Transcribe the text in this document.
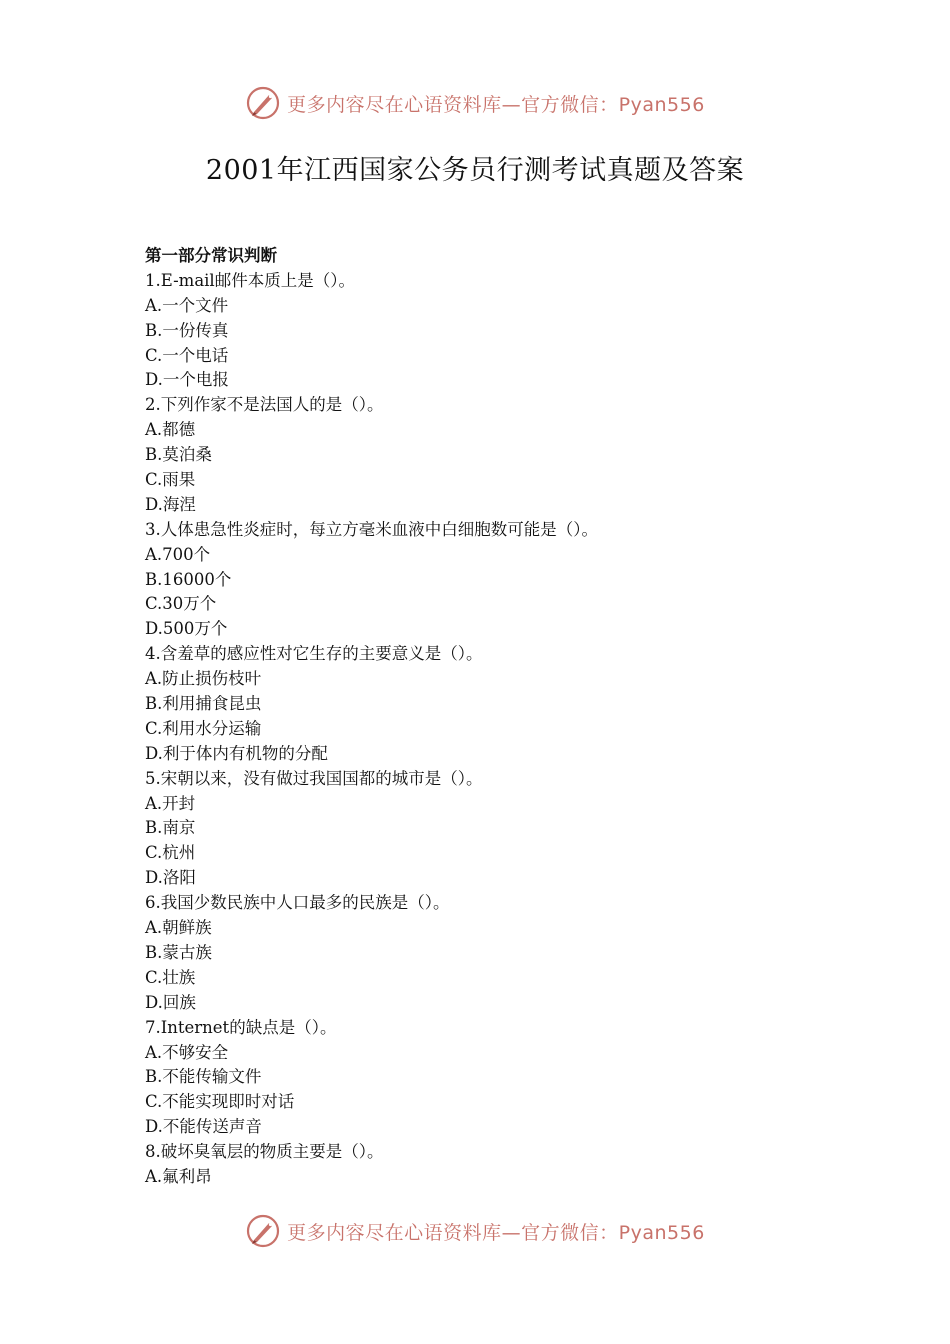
更多内容尽在心语资料库—官方微信：Pyan556
2001年江西国家公务员行测考试真题及答案
第一部分常识判断
1.E-mail邮件本质上是（）。
A.一个文件
B.一份传真
C.一个电话
D.一个电报
2.下列作家不是法国人的是（）。
A.都德
B.莫泊桑
C.雨果
D.海涅
3.人体患急性炎症时，每立方毫米血液中白细胞数可能是（）。
A.700个
B.16000个
C.30万个
D.500万个
4.含羞草的感应性对它生存的主要意义是（）。
A.防止损伤枝叶
B.利用捕食昆虫
C.利用水分运输
D.利于体内有机物的分配
5.宋朝以来，没有做过我国国都的城市是（）。
A.开封
B.南京
C.杭州
D.洛阳
6.我国少数民族中人口最多的民族是（）。
A.朝鲜族
B.蒙古族
C.壮族
D.回族
7.Internet的缺点是（）。
A.不够安全
B.不能传输文件
C.不能实现即时对话
D.不能传送声音
8.破坏臭氧层的物质主要是（）。
A.氟利昂
更多内容尽在心语资料库—官方微信：Pyan556
